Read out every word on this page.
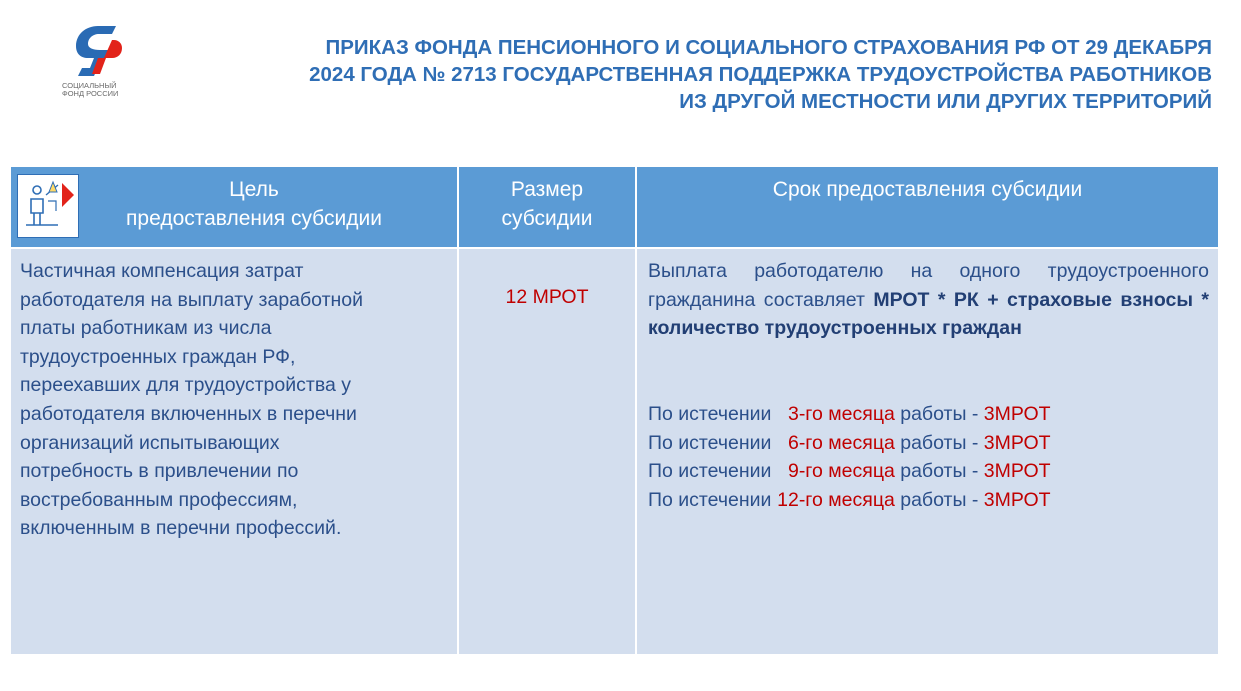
СОЦИАЛЬНЫЙ
ФОНД РОССИИ
ПРИКАЗ ФОНДА ПЕНСИОННОГО И СОЦИАЛЬНОГО СТРАХОВАНИЯ РФ ОТ 29 ДЕКАБРЯ
2024 ГОДА № 2713 ГОСУДАРСТВЕННАЯ ПОДДЕРЖКА ТРУДОУСТРОЙСТВА РАБОТНИКОВ
ИЗ ДРУГОЙ МЕСТНОСТИ ИЛИ ДРУГИХ ТЕРРИТОРИЙ
Цель
предоставления субсидии
Размер
субсидии
Срок предоставления субсидии
Частичная компенсация затрат
работодателя на выплату заработной
платы работникам из числа
трудоустроенных граждан РФ,
переехавших для трудоустройства у
работодателя включенных в перечни
организаций испытывающих
потребность в привлечении по
востребованным профессиям,
включенным в перечни профессий.
12 МРОТ
Выплата работодателю на одного трудоустроенного гражданина составляет МРОТ * РК + страховые взносы * количество трудоустроенных граждан
По истечении 3-го месяца работы - 3МРОТ
По истечении 6-го месяца работы - 3МРОТ
По истечении 9-го месяца работы - 3МРОТ
По истечении 12-го месяца работы - 3МРОТ
